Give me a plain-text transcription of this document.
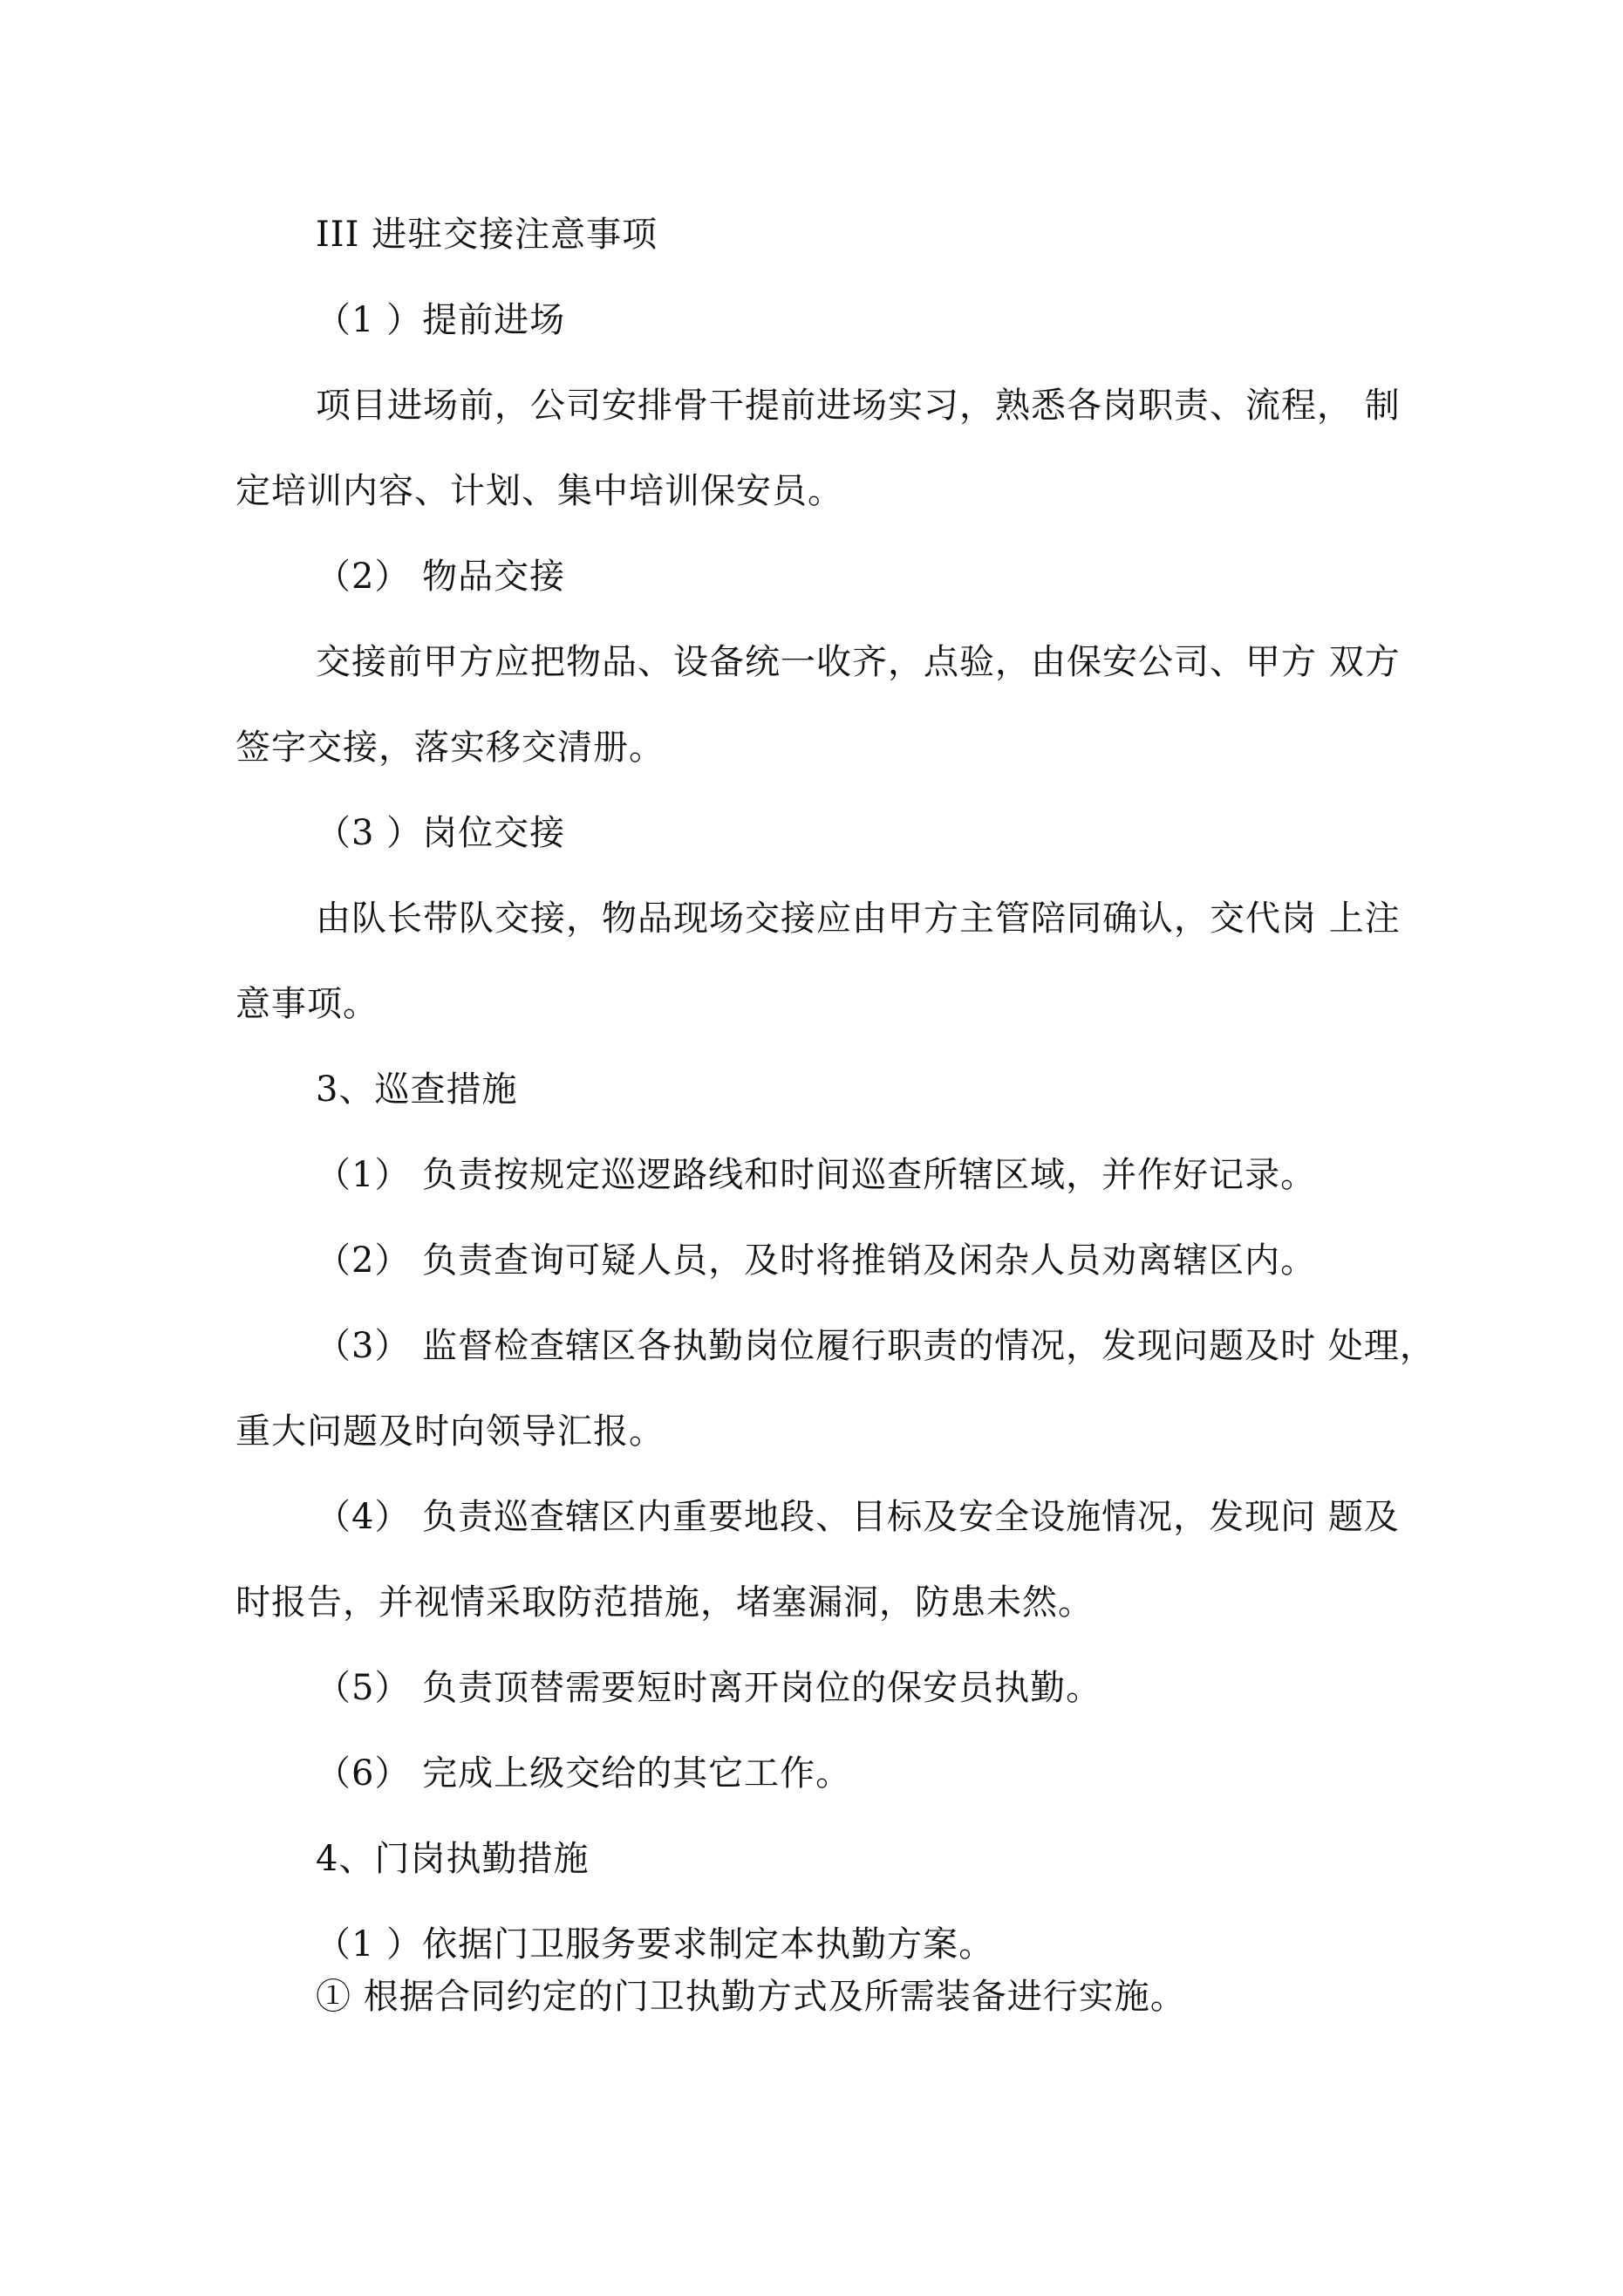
III 进驻交接注意事项
（1 ）提前进场
项目进场前，公司安排骨干提前进场实习，熟悉各岗职责、流程， 制
定培训内容、计划、集中培训保安员。
（2） 物品交接
交接前甲方应把物品、设备统一收齐，点验，由保安公司、甲方 双方
签字交接，落实移交清册。
（3 ）岗位交接
由队长带队交接，物品现场交接应由甲方主管陪同确认，交代岗 上注
意事项。
3、巡查措施
（1） 负责按规定巡逻路线和时间巡查所辖区域，并作好记录。
（2） 负责查询可疑人员，及时将推销及闲杂人员劝离辖区内。
（3） 监督检查辖区各执勤岗位履行职责的情况，发现问题及时 处理，
重大问题及时向领导汇报。
（4） 负责巡查辖区内重要地段、目标及安全设施情况，发现问 题及
时报告，并视情采取防范措施，堵塞漏洞，防患未然。
（5） 负责顶替需要短时离开岗位的保安员执勤。
（6） 完成上级交给的其它工作。
4、门岗执勤措施
（1 ）依据门卫服务要求制定本执勤方案。
① 根据合同约定的门卫执勤方式及所需装备进行实施。
